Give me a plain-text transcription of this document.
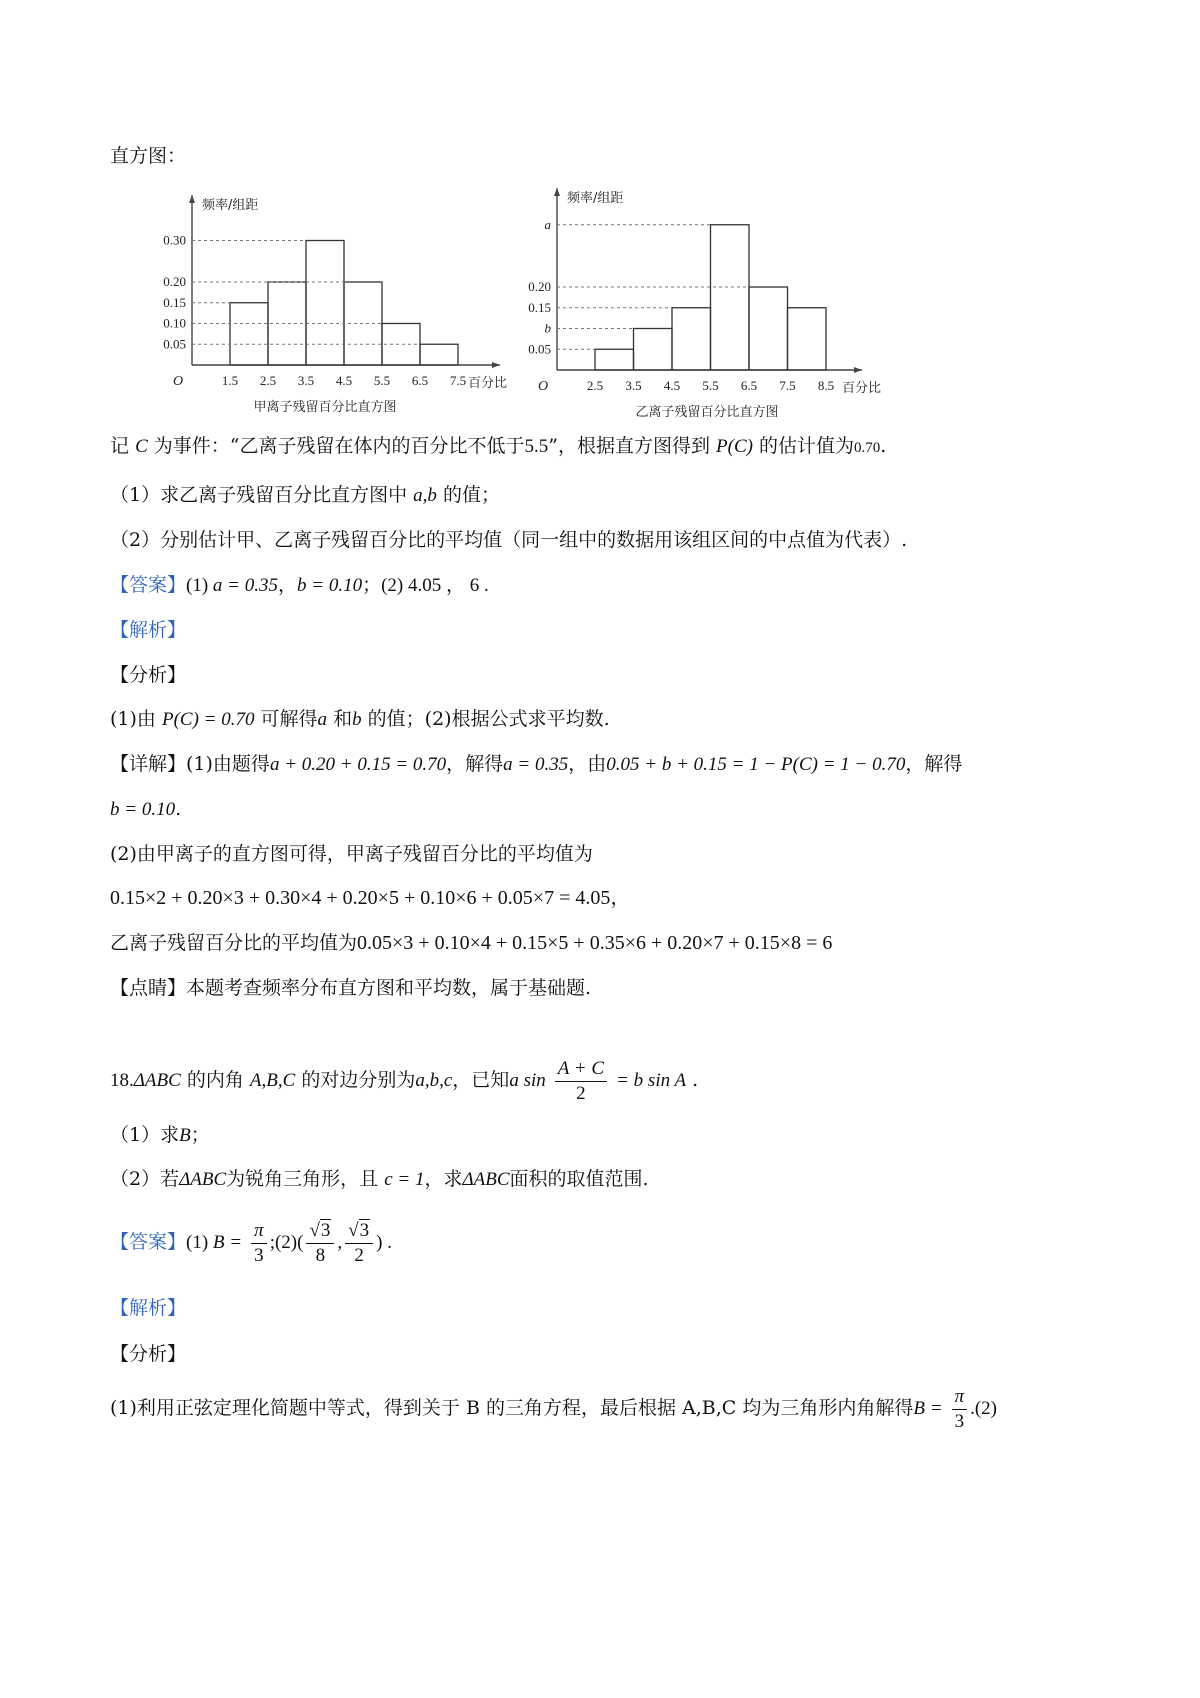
直方图：
0.05
0.10
0.15
0.20
0.30
1.5 2.5 3.5 4.5 5.5 6.5 7.5
O
频率/组距
百分比
甲离子残留百分比直方图
0.05
b
0.15
0.20
a
2.5 3.5 4.5 5.5 6.5 7.5 8.5
O
频率/组距
百分比
乙离子残留百分比直方图
记 C 为事件：“乙离子残留在体内的百分比不低于5.5”，根据直方图得到 P(C) 的估计值为0.70.
（1）求乙离子残留百分比直方图中 a,b 的值；
（2）分别估计甲、乙离子残留百分比的平均值（同一组中的数据用该组区间的中点值为代表）.
【答案】(1) a = 0.35，b = 0.10；(2) 4.05 ， 6 .
【解析】
【分析】
(1)由 P(C) = 0.70 可解得a 和b 的值；(2)根据公式求平均数.
【详解】(1)由题得a + 0.20 + 0.15 = 0.70，解得a = 0.35，由0.05 + b + 0.15 = 1 − P(C) = 1 − 0.70，解得
b = 0.10.
(2)由甲离子的直方图可得，甲离子残留百分比的平均值为
0.15×2 + 0.20×3 + 0.30×4 + 0.20×5 + 0.10×6 + 0.05×7 = 4.05，
乙离子残留百分比的平均值为0.05×3 + 0.10×4 + 0.15×5 + 0.35×6 + 0.20×7 + 0.15×8 = 6
【点睛】本题考查频率分布直方图和平均数，属于基础题.
18.ΔABC 的内角 A,B,C 的对边分别为a,b,c，已知a $\sin \frac{A + C}{2} = b$ sin A .
（1）求B；
（2）若ΔABC为锐角三角形，且 c = 1，求ΔABC面积的取值范围.
【答案】(1) $B = \frac{\pi}{3}$ ;(2)( $\frac{√3}{8}$ , $\frac{√3}{2}$ ) .
【解析】
【分析】
(1)利用正弦定理化简题中等式，得到关于 B 的三角方程，最后根据 A,B,C 均为三角形内角解得$B = \frac{\pi}{3} .(2)$
